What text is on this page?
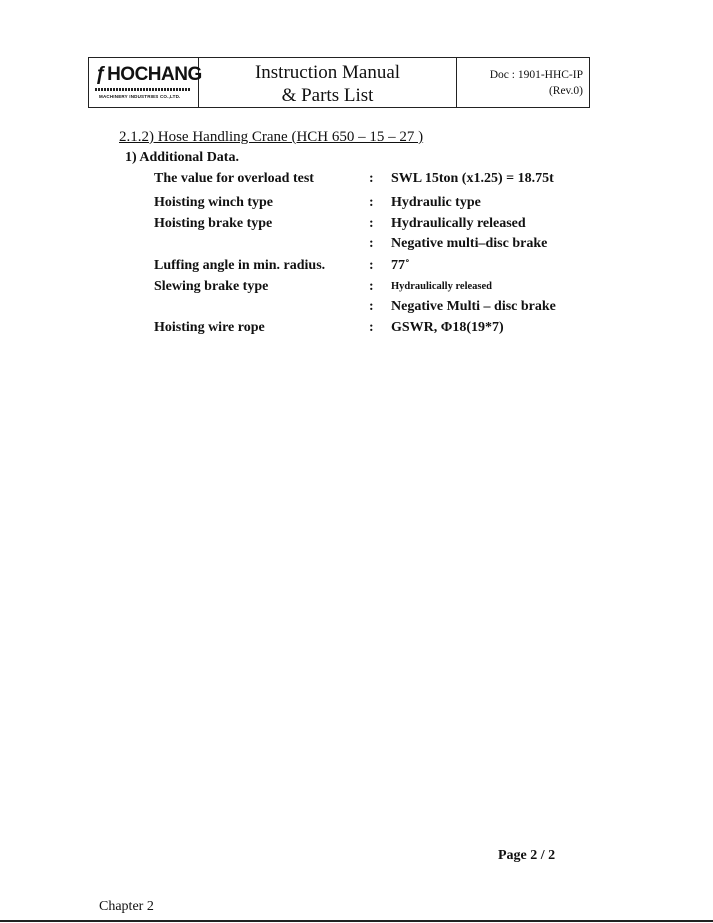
ƒ HOCHANG
MACHINERY INDUSTRIES CO.,LTD.
Instruction Manual
& Parts List
Doc : 1901-HHC-IP
(Rev.0)
2.1.2) Hose Handling Crane (HCH 650 – 15 – 27 )
1) Additional Data.
The value for overload test	: SWL 15ton (x1.25) = 18.75t
Hoisting winch type	: Hydraulic type
Hoisting brake type	: Hydraulically released
: Negative multi–disc brake
Luffing angle in min. radius.	: 77˚
Slewing brake type	: Hydraulically released
: Negative Multi – disc brake
Hoisting wire rope	: GSWR, Φ18(19*7)
Page 2 / 2
Chapter 2
